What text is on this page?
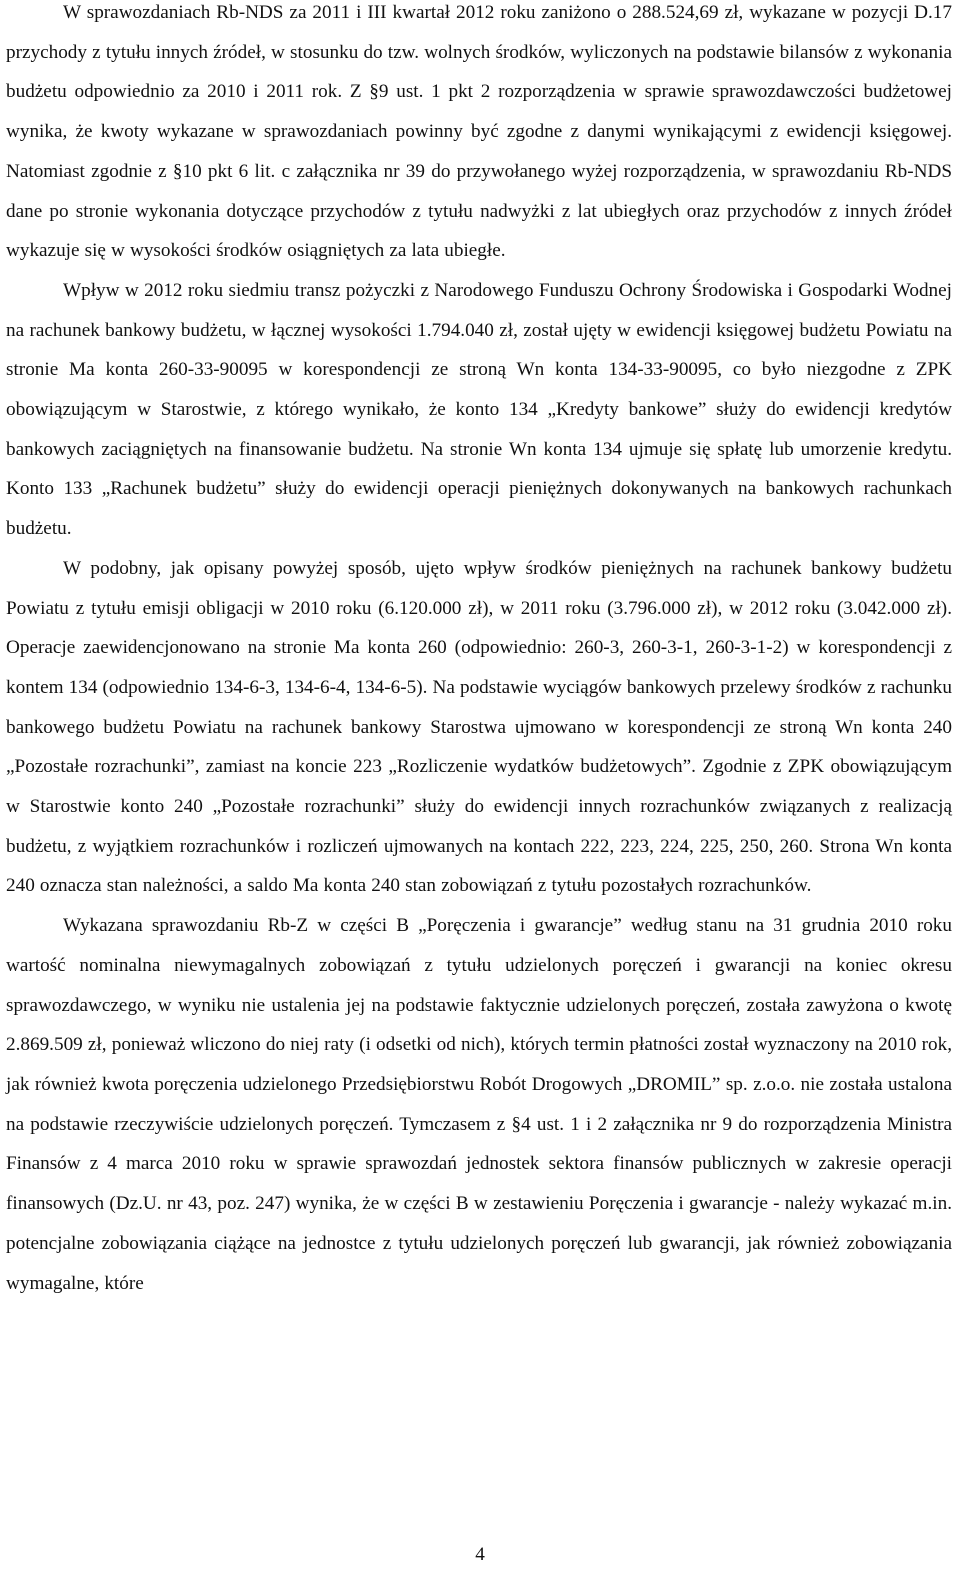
W sprawozdaniach Rb-NDS za 2011 i III kwartał 2012 roku zaniżono o 288.524,69 zł, wykazane w pozycji D.17 przychody z tytułu innych źródeł, w stosunku do tzw. wolnych środków, wyliczonych na podstawie bilansów z wykonania budżetu odpowiednio za 2010 i 2011 rok. Z §9 ust. 1 pkt 2 rozporządzenia w sprawie sprawozdawczości budżetowej wynika, że kwoty wykazane w sprawozdaniach powinny być zgodne z danymi wynikającymi z ewidencji księgowej. Natomiast zgodnie z §10 pkt 6 lit. c załącznika nr 39 do przywołanego wyżej rozporządzenia, w sprawozdaniu Rb-NDS dane po stronie wykonania dotyczące przychodów z tytułu nadwyżki z lat ubiegłych oraz przychodów z innych źródeł wykazuje się w wysokości środków osiągniętych za lata ubiegłe.

Wpływ w 2012 roku siedmiu transz pożyczki z Narodowego Funduszu Ochrony Środowiska i Gospodarki Wodnej na rachunek bankowy budżetu, w łącznej wysokości 1.794.040 zł, został ujęty w ewidencji księgowej budżetu Powiatu na stronie Ma konta 260-33-90095 w korespondencji ze stroną Wn konta 134-33-90095, co było niezgodne z ZPK obowiązującym w Starostwie, z którego wynikało, że konto 134 „Kredyty bankowe” służy do ewidencji kredytów bankowych zaciągniętych na finansowanie budżetu. Na stronie Wn konta 134 ujmuje się spłatę lub umorzenie kredytu. Konto 133 „Rachunek budżetu” służy do ewidencji operacji pieniężnych dokonywanych na bankowych rachunkach budżetu.

W podobny, jak opisany powyżej sposób, ujęto wpływ środków pieniężnych na rachunek bankowy budżetu Powiatu z tytułu emisji obligacji w 2010 roku (6.120.000 zł), w 2011 roku (3.796.000 zł), w 2012 roku (3.042.000 zł). Operacje zaewidencjonowano na stronie Ma konta 260 (odpowiednio: 260-3, 260-3-1, 260-3-1-2) w korespondencji z kontem 134 (odpowiednio 134-6-3, 134-6-4, 134-6-5). Na podstawie wyciągów bankowych przelewy środków z rachunku bankowego budżetu Powiatu na rachunek bankowy Starostwa ujmowano w korespondencji ze stroną Wn konta 240 „Pozostałe rozrachunki”, zamiast na koncie 223 „Rozliczenie wydatków budżetowych”. Zgodnie z ZPK obowiązującym w Starostwie konto 240 „Pozostałe rozrachunki” służy do ewidencji innych rozrachunków związanych z realizacją budżetu, z wyjątkiem rozrachunków i rozliczeń ujmowanych na kontach 222, 223, 224, 225, 250, 260. Strona Wn konta 240 oznacza stan należności, a saldo Ma konta 240 stan zobowiązań z tytułu pozostałych rozrachunków.

Wykazana sprawozdaniu Rb-Z w części B „Poręczenia i gwarancje” według stanu na 31 grudnia 2010 roku wartość nominalna niewymagalnych zobowiązań z tytułu udzielonych poręczeń i gwarancji na koniec okresu sprawozdawczego, w wyniku nie ustalenia jej na podstawie faktycznie udzielonych poręczeń, została zawyżona o kwotę 2.869.509 zł, ponieważ wliczono do niej raty (i odsetki od nich), których termin płatności został wyznaczony na 2010 rok, jak również kwota poręczenia udzielonego Przedsiębiorstwu Robót Drogowych „DROMIL” sp. z.o.o. nie została ustalona na podstawie rzeczywiście udzielonych poręczeń. Tymczasem z §4 ust. 1 i 2 załącznika nr 9 do rozporządzenia Ministra Finansów z 4 marca 2010 roku w sprawie sprawozdań jednostek sektora finansów publicznych w zakresie operacji finansowych (Dz.U. nr 43, poz. 247) wynika, że w części B w zestawieniu Poręczenia i gwarancje - należy wykazać m.in. potencjalne zobowiązania ciążące na jednostce z tytułu udzielonych poręczeń lub gwarancji, jak również zobowiązania wymagalne, które

4
